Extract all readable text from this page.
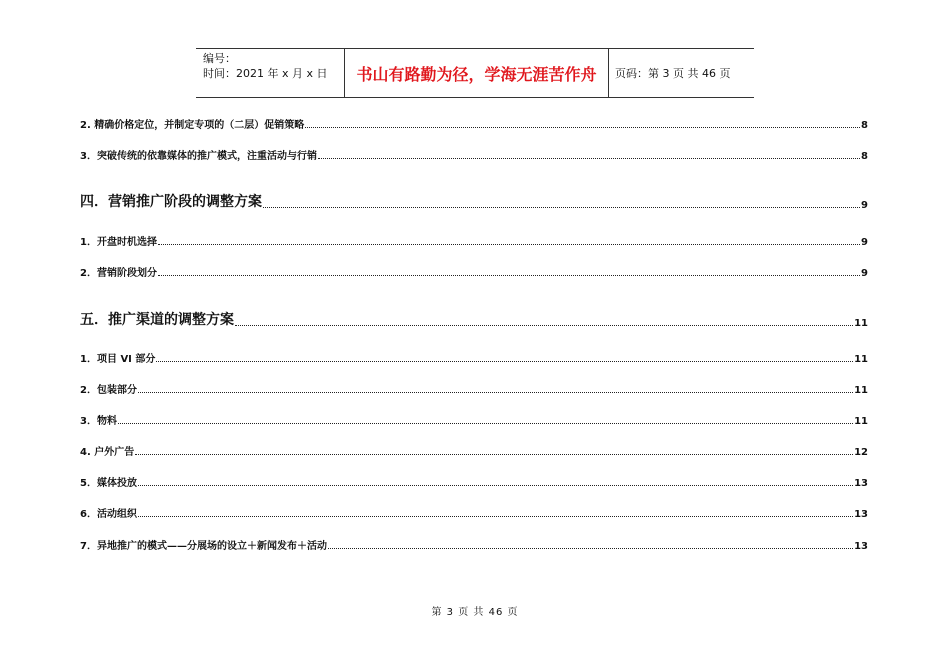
编号：
时间：2021 年 x 月 x 日	书山有路勤为径，学海无涯苦作舟	页码：第 3 页 共 46 页
2. 精确价格定位，并制定专项的（二层）促销策略	8
3．突破传统的依靠媒体的推广模式，注重活动与行销	8
四．营销推广阶段的调整方案	9
1．开盘时机选择	9
2．营销阶段划分	9
五．推广渠道的调整方案	11
1．项目 VI 部分	11
2．包装部分	11
3．物料	11
4. 户外广告	12
5．媒体投放	13
6．活动组织	13
7．异地推广的模式——分展场的设立＋新闻发布＋活动	13
第 3 页 共 46 页
